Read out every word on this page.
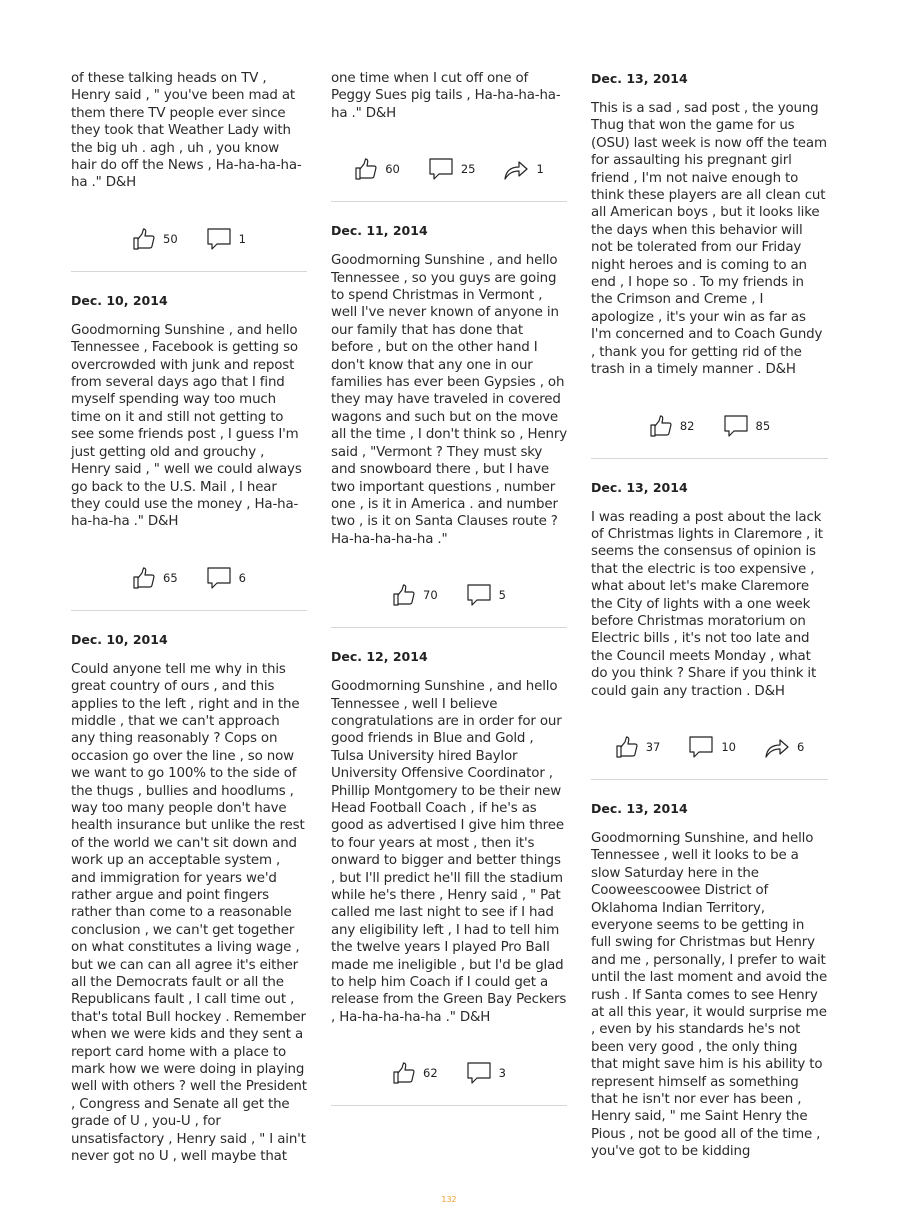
of these talking heads on TV , Henry said , " you've been mad at them there TV people ever since they took that Weather Lady with the big uh . agh , uh , you know hair do off the News , Ha-ha-ha-ha-ha ." D&H

50	1
Dec. 10, 2014

Goodmorning Sunshine , and hello Tennessee , Facebook is getting so overcrowded with junk and repost from several days ago that I find myself spending way too much time on it and still not getting to see some friends post , I guess I'm just getting old and grouchy , Henry said , " well we could always go back to the U.S. Mail , I hear they could use the money , Ha-ha-ha-ha-ha ." D&H

65	6
Dec. 10, 2014

Could anyone tell me why in this great country of ours , and this applies to the left , right and in the middle , that we can't approach any thing reasonably ? Cops on occasion go over the line , so now we want to go 100% to the side of the thugs , bullies and hoodlums , way too many people don't have health insurance but unlike the rest of the world we can't sit down and work up an acceptable system , and immigration for years we'd rather argue and point fingers rather than come to a reasonable conclusion , we can't get together on what constitutes a living wage , but we can can all agree it's either all the Democrats fault or all the Republicans fault , I call time out , that's total Bull hockey . Remember when we were kids and they sent a report card home with a place to mark how we were doing in playing well with others ? well the President , Congress and Senate all get the grade of U , you-U , for unsatisfactory , Henry said , " I ain't never got no U , well maybe that

one time when I cut off one of Peggy Sues pig tails , Ha-ha-ha-ha-ha ." D&H

60	25	1
Dec. 11, 2014

Goodmorning Sunshine , and hello Tennessee , so you guys are going to spend Christmas in Vermont , well I've never known of anyone in our family that has done that before , but on the other hand I don't know that any one in our families has ever been Gypsies , oh they may have traveled in covered wagons and such but on the move all the time , I don't think so , Henry said , "Vermont ? They must sky and snowboard there , but I have two important questions , number one , is it in America . and number two , is it on Santa Clauses route ? Ha-ha-ha-ha-ha ."

70	5
Dec. 12, 2014

Goodmorning Sunshine , and hello Tennessee , well I believe congratulations are in order for our good friends in Blue and Gold , Tulsa University hired Baylor University Offensive Coordinator , Phillip Montgomery to be their new Head Football Coach , if he's as good as advertised I give him three to four years at most , then it's onward to bigger and better things , but I'll predict he'll fill the stadium while he's there , Henry said , " Pat called me last night to see if I had any eligibility left , I had to tell him the twelve years I played Pro Ball made me ineligible , but I'd be glad to help him Coach if I could get a release from the Green Bay Peckers , Ha-ha-ha-ha-ha ." D&H

62	3
Dec. 13, 2014

This is a sad , sad post , the young Thug that won the game for us (OSU) last week is now off the team for assaulting his pregnant girl friend , I'm not naive enough to think these players are all clean cut all American boys , but it looks like the days when this behavior will not be tolerated from our Friday night heroes and is coming to an end , I hope so . To my friends in the Crimson and Creme , I apologize , it's your win as far as I'm concerned and to Coach Gundy , thank you for getting rid of the trash in a timely manner . D&H

82	85
Dec. 13, 2014

I was reading a post about the lack of Christmas lights in Claremore , it seems the consensus of opinion is that the electric is too expensive , what about let's make Claremore the City of lights with a one week before Christmas moratorium on Electric bills , it's not too late and the Council meets Monday , what do you think ? Share if you think it could gain any traction . D&H

37	10	6
Dec. 13, 2014

Goodmorning Sunshine, and hello Tennessee , well it looks to be a slow Saturday here in the Cooweescoowee District of Oklahoma Indian Territory, everyone seems to be getting in full swing for Christmas but Henry and me , personally, I prefer to wait until the last moment and avoid the rush . If Santa comes to see Henry at all this year, it would surprise me , even by his standards he's not been very good , the only thing that might save him is his ability to represent himself as something that he isn't nor ever has been , Henry said, " me Saint Henry the Pious , not be good all of the time , you've got to be kidding

132
